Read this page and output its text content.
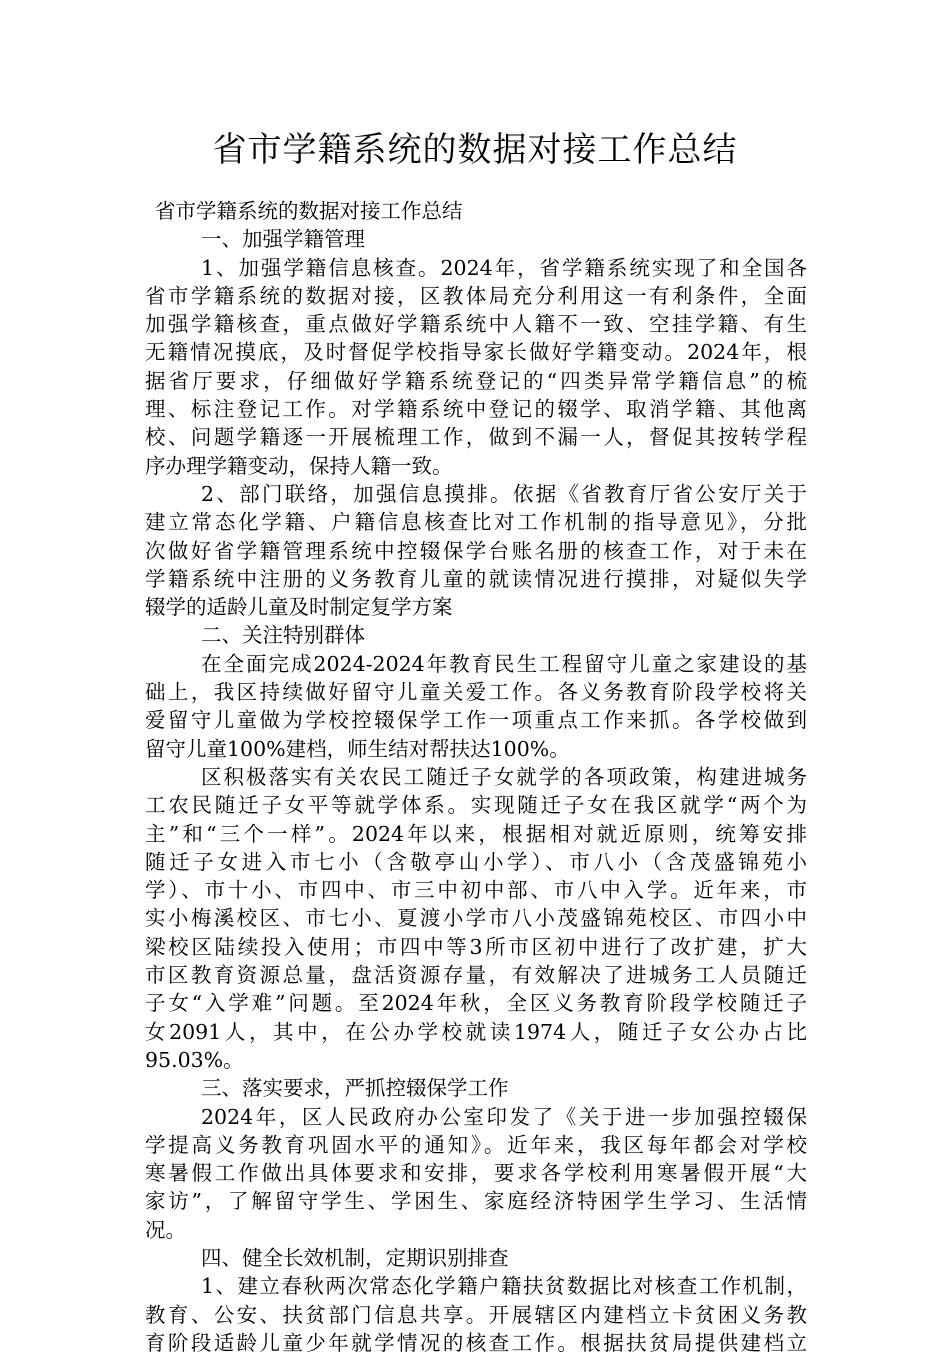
省市学籍系统的数据对接工作总结
省市学籍系统的数据对接工作总结
一、加强学籍管理
1、加强学籍信息核查。2024年，省学籍系统实现了和全国各
省市学籍系统的数据对接，区教体局充分利用这一有利条件，全面
加强学籍核查，重点做好学籍系统中人籍不一致、空挂学籍、有生
无籍情况摸底，及时督促学校指导家长做好学籍变动。2024年，根
据省厅要求，仔细做好学籍系统登记的“四类异常学籍信息”的梳
理、标注登记工作。对学籍系统中登记的辍学、取消学籍、其他离
校、问题学籍逐一开展梳理工作，做到不漏一人，督促其按转学程
序办理学籍变动，保持人籍一致。
2、部门联络，加强信息摸排。依据《省教育厅省公安厅关于
建立常态化学籍、户籍信息核查比对工作机制的指导意见》，分批
次做好省学籍管理系统中控辍保学台账名册的核查工作，对于未在
学籍系统中注册的义务教育儿童的就读情况进行摸排，对疑似失学
辍学的适龄儿童及时制定复学方案
二、关注特别群体
在全面完成2024-2024年教育民生工程留守儿童之家建设的基
础上，我区持续做好留守儿童关爱工作。各义务教育阶段学校将关
爱留守儿童做为学校控辍保学工作一项重点工作来抓。各学校做到
留守儿童100%建档，师生结对帮扶达100%。
区积极落实有关农民工随迁子女就学的各项政策，构建进城务
工农民随迁子女平等就学体系。实现随迁子女在我区就学“两个为
主”和“三个一样”。2024年以来，根据相对就近原则，统筹安排
随迁子女进入市七小（含敬亭山小学）、市八小（含茂盛锦苑小
学）、市十小、市四中、市三中初中部、市八中入学。近年来，市
实小梅溪校区、市七小、夏渡小学市八小茂盛锦苑校区、市四小中
梁校区陆续投入使用；市四中等3所市区初中进行了改扩建，扩大
市区教育资源总量，盘活资源存量，有效解决了进城务工人员随迁
子女“入学难”问题。至2024年秋，全区义务教育阶段学校随迁子
女2091人，其中，在公办学校就读1974人，随迁子女公办占比
95.03%。
三、落实要求，严抓控辍保学工作
2024年，区人民政府办公室印发了《关于进一步加强控辍保
学提高义务教育巩固水平的通知》。近年来，我区每年都会对学校
寒暑假工作做出具体要求和安排，要求各学校利用寒暑假开展“大
家访”，了解留守学生、学困生、家庭经济特困学生学习、生活情
况。
四、健全长效机制，定期识别排查
1、建立春秋两次常态化学籍户籍扶贫数据比对核查工作机制，
教育、公安、扶贫部门信息共享。开展辖区内建档立卡贫困义务教
育阶段适龄儿童少年就学情况的核查工作。根据扶贫局提供建档立
